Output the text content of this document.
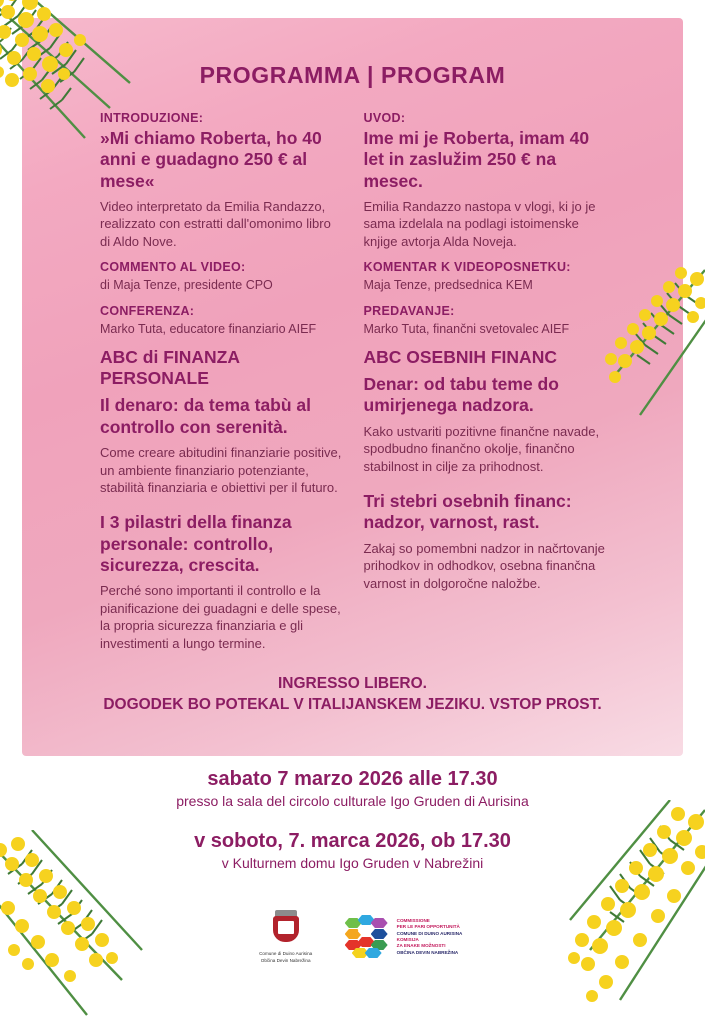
PROGRAMMA | PROGRAM
INTRODUZIONE:
»Mi chiamo Roberta, ho 40 anni e guadagno 250 € al mese«
Video interpretato da Emilia Randazzo, realizzato con estratti dall'omonimo libro di Aldo Nove.
COMMENTO AL VIDEO:
di Maja Tenze, presidente CPO
CONFERENZA:
Marko Tuta, educatore finanziario AIEF
ABC di FINANZA PERSONALE
Il denaro: da tema tabù al controllo con serenità.
Come creare abitudini finanziarie positive, un ambiente finanziario potenziante, stabilità finanziaria e obiettivi per il futuro.
I 3 pilastri della finanza personale: controllo, sicurezza, crescita.
Perché sono importanti il controllo e la pianificazione dei guadagni e delle spese, la propria sicurezza finanziaria e gli investimenti a lungo termine.
UVOD:
Ime mi je Roberta, imam 40 let in zaslužim 250 € na mesec.
Emilia Randazzo nastopa v vlogi, ki jo je sama izdelala na podlagi istoimenske knjige avtorja Alda Noveja.
KOMENTAR K VIDEOPOSNETKU:
Maja Tenze, predsednica KEM
PREDAVANJE:
Marko Tuta, finančni svetovalec AIEF
ABC OSEBNIH FINANC
Denar: od tabu teme do umirjenega nadzora.
Kako ustvariti pozitivne finančne navade, spodbudno finančno okolje, finančno stabilnost in cilje za prihodnost.
Tri stebri osebnih financ: nadzor, varnost, rast.
Zakaj so pomembni nadzor in načrtovanje prihodkov in odhodkov, osebna finančna varnost in dolgoročne naložbe.
INGRESSO LIBERO.
DOGODEK BO POTEKAL V ITALIJANSKEM JEZIKU. VSTOP PROST.
sabato 7 marzo 2026 alle 17.30
presso la sala del circolo culturale Igo Gruden di Aurisina
v soboto, 7. marca 2026, ob 17.30
v Kulturnem domu Igo Gruden v Nabrežini
Comune di Duino Aurisina
Občina Devin Nabrežina
COMMISSIONE
PER LE PARI OPPORTUNITÀ
COMUNE DI DUINO AURISINA
KOMISIJA
ZA ENAKE MOŽNOSTI
OBČINA DEVIN NABREŽINA
